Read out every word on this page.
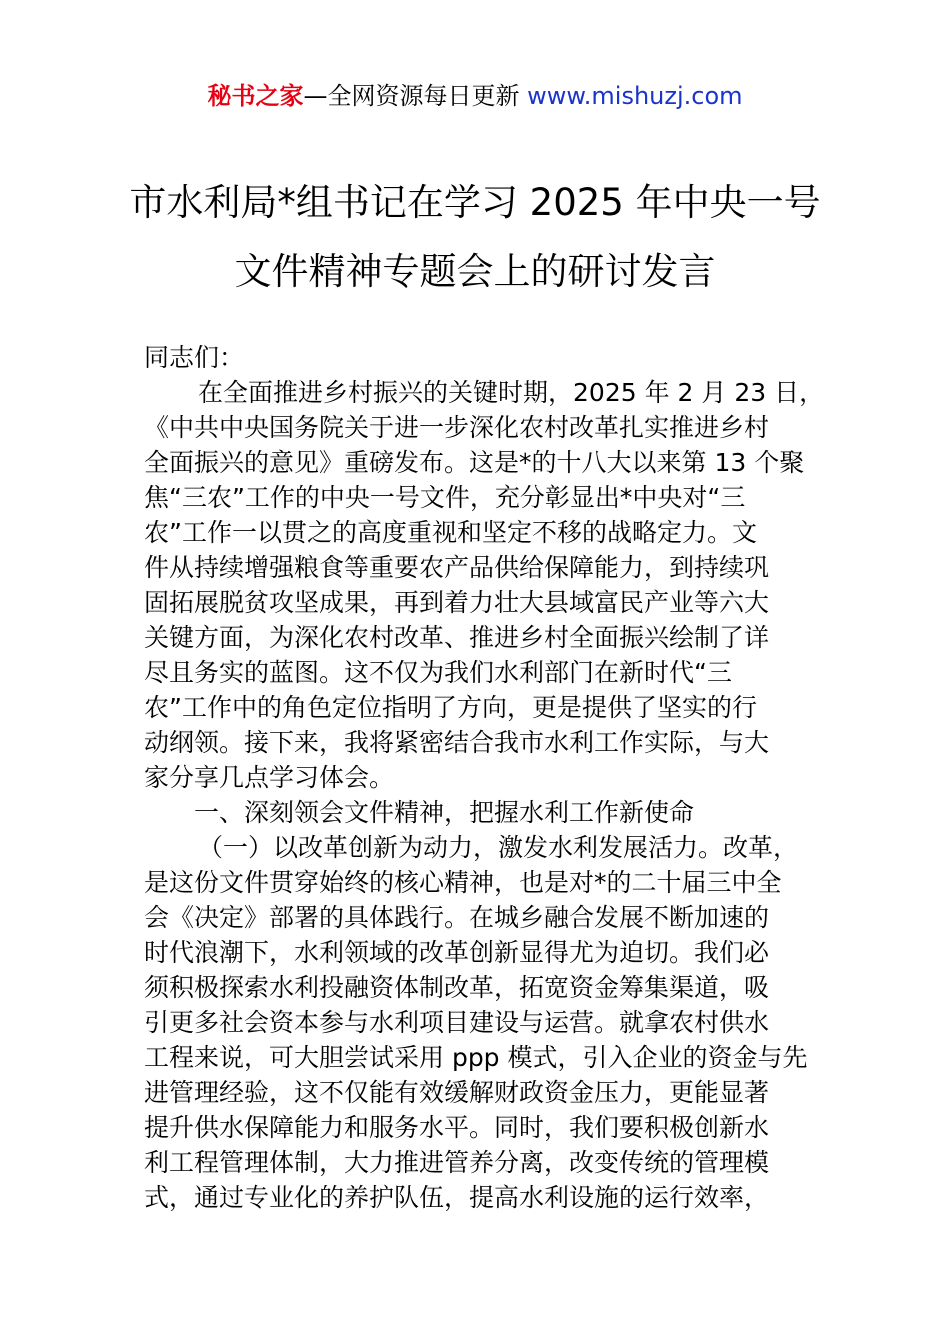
秘书之家—全网资源每日更新 www.mishuzj.com
市水利局*组书记在学习 2025 年中央一号
文件精神专题会上的研讨发言
同志们：
在全面推进乡村振兴的关键时期，2025 年 2 月 23 日，
《中共中央国务院关于进一步深化农村改革扎实推进乡村
全面振兴的意见》重磅发布。这是*的十八大以来第 13 个聚
焦“三农”工作的中央一号文件，充分彰显出*中央对“三
农”工作一以贯之的高度重视和坚定不移的战略定力。文
件从持续增强粮食等重要农产品供给保障能力，到持续巩
固拓展脱贫攻坚成果，再到着力壮大县域富民产业等六大
关键方面，为深化农村改革、推进乡村全面振兴绘制了详
尽且务实的蓝图。这不仅为我们水利部门在新时代“三
农”工作中的角色定位指明了方向，更是提供了坚实的行
动纲领。接下来，我将紧密结合我市水利工作实际，与大
家分享几点学习体会。
一、深刻领会文件精神，把握水利工作新使命
（一）以改革创新为动力，激发水利发展活力。改革，
是这份文件贯穿始终的核心精神，也是对*的二十届三中全
会《决定》部署的具体践行。在城乡融合发展不断加速的
时代浪潮下，水利领域的改革创新显得尤为迫切。我们必
须积极探索水利投融资体制改革，拓宽资金筹集渠道，吸
引更多社会资本参与水利项目建设与运营。就拿农村供水
工程来说，可大胆尝试采用 ppp 模式，引入企业的资金与先
进管理经验，这不仅能有效缓解财政资金压力，更能显著
提升供水保障能力和服务水平。同时，我们要积极创新水
利工程管理体制，大力推进管养分离，改变传统的管理模
式，通过专业化的养护队伍，提高水利设施的运行效率，
